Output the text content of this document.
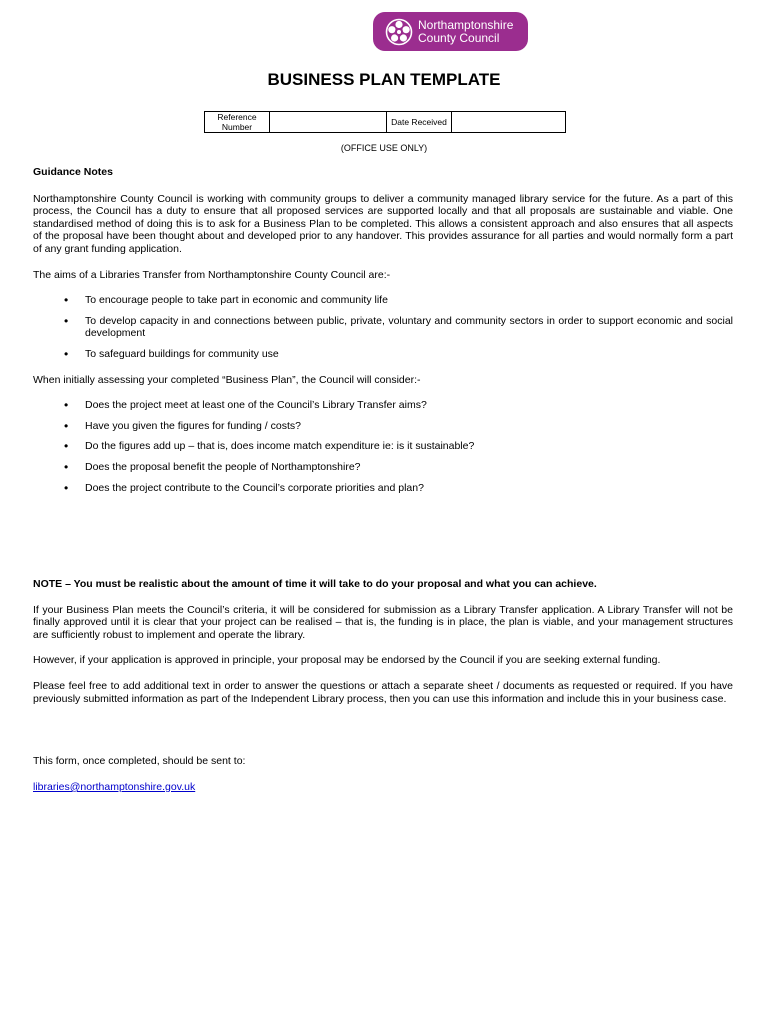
Northamptonshire
County Council
BUSINESS PLAN TEMPLATE
Reference Number		Date Received	
(OFFICE USE ONLY)

Guidance Notes

Northamptonshire County Council is working with community groups to deliver a community managed library service for the future. As a part of this process, the Council has a duty to ensure that all proposed services are supported locally and that all proposals are sustainable and viable. One standardised method of doing this is to ask for a Business Plan to be completed. This allows a consistent approach and also ensures that all aspects of the proposal have been thought about and developed prior to any handover. This provides assurance for all parties and would normally form a part of any grant funding application.

The aims of a Libraries Transfer from Northamptonshire County Council are:-

• To encourage people to take part in economic and community life
• To develop capacity in and connections between public, private, voluntary and community sectors in order to support economic and social development
• To safeguard buildings for community use

When initially assessing your completed “Business Plan”, the Council will consider:-

• Does the project meet at least one of the Council’s Library Transfer aims?
• Have you given the figures for funding / costs?
• Do the figures add up – that is, does income match expenditure ie: is it sustainable?
• Does the proposal benefit the people of Northamptonshire?
• Does the project contribute to the Council’s corporate priorities and plan?

NOTE – You must be realistic about the amount of time it will take to do your proposal and what you can achieve.

If your Business Plan meets the Council’s criteria, it will be considered for submission as a Library Transfer application. A Library Transfer will not be finally approved until it is clear that your project can be realised – that is, the funding is in place, the plan is viable, and your management structures are sufficiently robust to implement and operate the library.

However, if your application is approved in principle, your proposal may be endorsed by the Council if you are seeking external funding.

Please feel free to add additional text in order to answer the questions or attach a separate sheet / documents as requested or required. If you have previously submitted information as part of the Independent Library process, then you can use this information and include this in your business case.

This form, once completed, should be sent to:

libraries@northamptonshire.gov.uk
